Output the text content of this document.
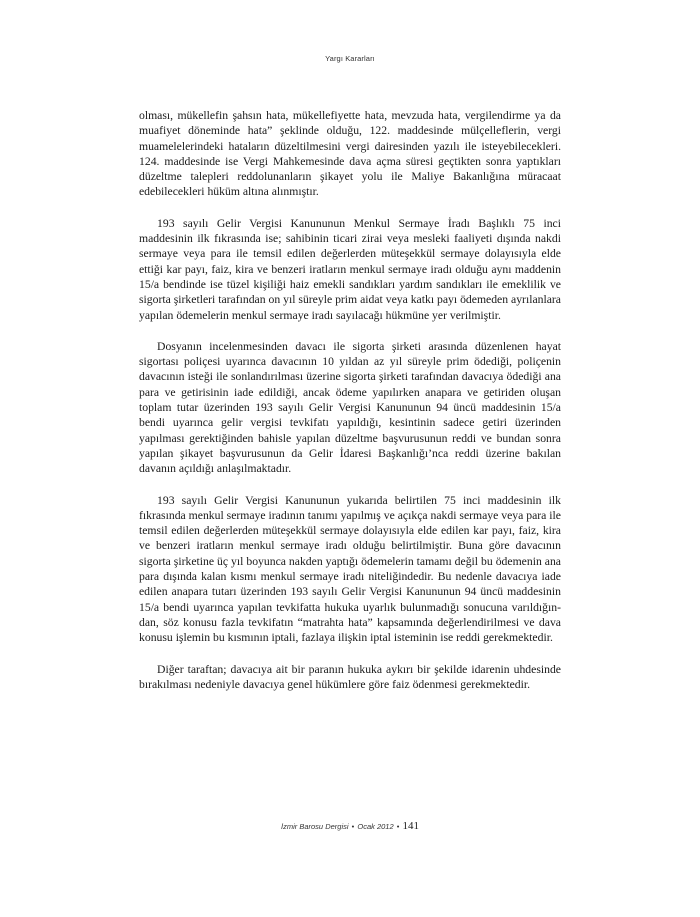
Yargı Kararları

olması, mükellefin şahsın hata, mükellefiyette hata, mevzuda hata, vergilendirme ya da muafiyet döneminde hata” şeklinde olduğu, 122. maddesinde mülçelleflerin, vergi muamelelerindeki hataların düzeltilmesini vergi dairesinden yazılı ile isteyebilecekleri. 124. maddesinde ise Vergi Mahkemesinde dava açma süresi geçtikten sonra yaptıkları düzeltme talepleri reddolunanların şikayet yolu ile Maliye Bakanlığına müracaat edebilecekleri hüküm altına alınmıştır.

193 sayılı Gelir Vergisi Kanununun Menkul Sermaye İradı Başlıklı 75 inci maddesinin ilk fıkrasında ise; sahibinin ticari zirai veya mesleki faaliyeti dışında nakdi sermaye veya para ile temsil edilen değerlerden müteşekkül sermaye dolayısıyla elde ettiği kar payı, faiz, kira ve benzeri iratların menkul sermaye iradı olduğu aynı maddenin 15/a bendinde ise tüzel kişiliği haiz emekli sandıkları yardım sandıkları ile emeklilik ve sigorta şirketleri tarafından on yıl süreyle prim aidat veya katkı payı ödemeden ayrılanlara yapılan ödemelerin menkul sermaye iradı sayılacağı hükmüne yer verilmiştir.

Dosyanın incelenmesinden davacı ile sigorta şirketi arasında düzenlenen hayat sigortası poliçesi uyarınca davacının 10 yıldan az yıl süreyle prim ödediği, poliçenin davacının isteği ile sonlandırılması üzerine sigorta şirketi tarafından davacıya ödediği ana para ve getirisinin iade edildiği, ancak ödeme yapılırken anapara ve getiriden oluşan toplam tutar üzerinden 193 sayılı Gelir Vergisi Kanununun 94 üncü maddesinin 15/a bendi uyarınca gelir vergisi tevkifatı yapıldığı, kesintinin sadece getiri üzerinden yapılması gerektiğinden bahisle yapılan düzeltme başvurusunun reddi ve bundan sonra yapılan şikayet başvurusunun da Gelir İdaresi Başkanlığı’nca reddi üzerine bakılan davanın açıldığı anlaşılmaktadır.

193 sayılı Gelir Vergisi Kanununun yukarıda belirtilen 75 inci maddesinin ilk fıkrasında menkul sermaye iradının tanımı yapılmış ve açıkça nakdi sermaye veya para ile temsil edilen değerlerden müteşekkül sermaye dolayısıyla elde edilen kar payı, faiz, kira ve benzeri iratların menkul sermaye iradı olduğu belirtilmiştir. Buna göre davacının sigorta şirketine üç yıl boyunca nakden yaptığı ödemelerin tamamı değil bu ödemenin ana para dışında kalan kısmı menkul sermaye iradı niteliğindedir. Bu nedenle davacıya iade edilen anapara tutarı üzerinden 193 sayılı Gelir Vergisi Kanununun 94 üncü maddesinin 15/a bendi uyarınca yapılan tevkifatta hukuka uyarlık bulunmadığı sonucuna varıldığından, söz konusu fazla tevkifatın “matrahta hata” kapsamında değerlendirilmesi ve dava konusu işlemin bu kısmının iptali, fazlaya ilişkin iptal isteminin ise reddi gerekmektedir.

Diğer taraftan; davacıya ait bir paranın hukuka aykırı bir şekilde idarenin uhdesinde bırakılması nedeniyle davacıya genel hükümlere göre faiz ödenmesi gerekmektedir.

İzmir Barosu Dergisi • Ocak 2012 • 141
